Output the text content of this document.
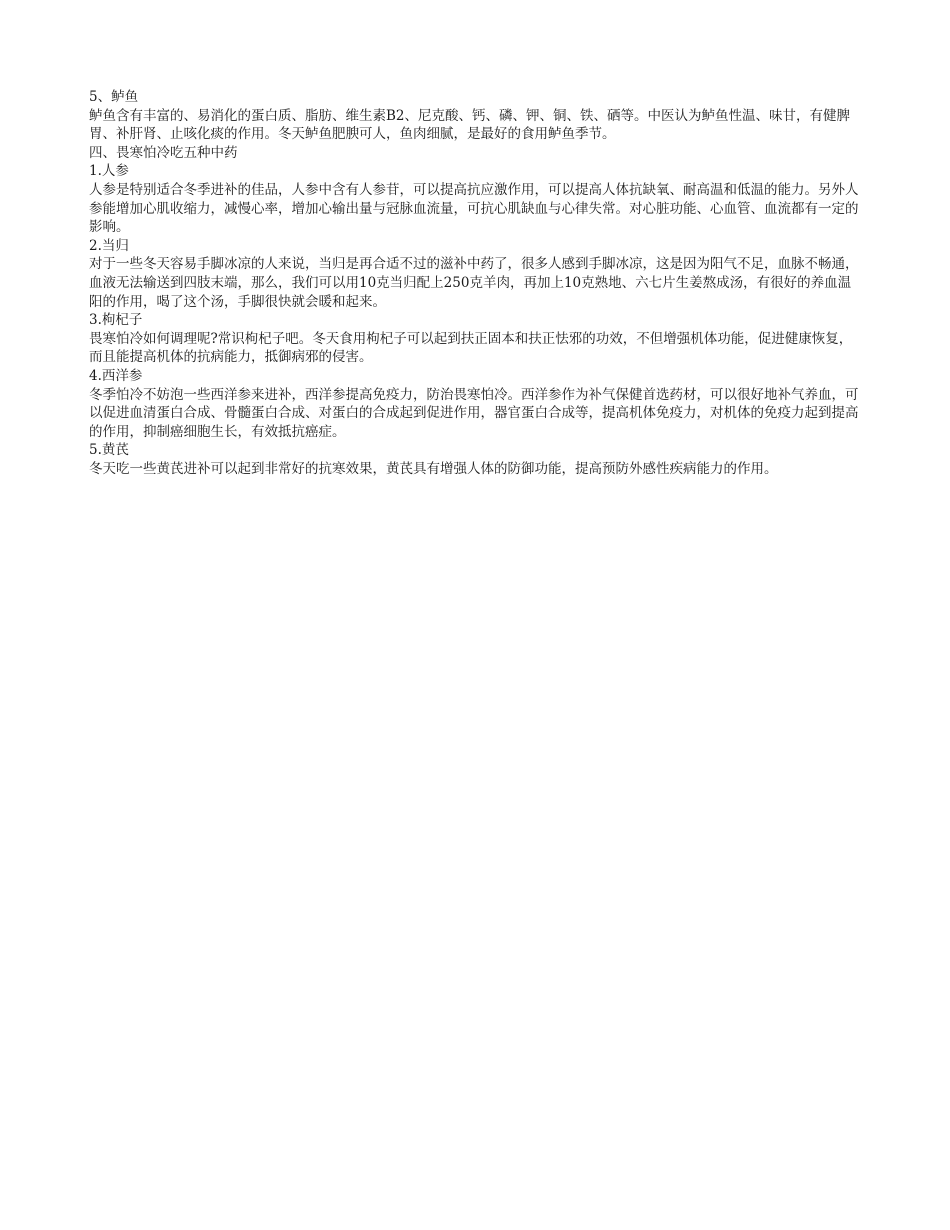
5、鲈鱼

鲈鱼含有丰富的、易消化的蛋白质、脂肪、维生素B2、尼克酸、钙、磷、钾、铜、铁、硒等。中医认为鲈鱼性温、味甘，有健脾胃、补肝肾、止咳化痰的作用。冬天鲈鱼肥腴可人，鱼肉细腻，是最好的食用鲈鱼季节。

四、畏寒怕冷吃五种中药

1.人参

人参是特别适合冬季进补的佳品，人参中含有人参苷，可以提高抗应激作用，可以提高人体抗缺氧、耐高温和低温的能力。另外人参能增加心肌收缩力，减慢心率，增加心输出量与冠脉血流量，可抗心肌缺血与心律失常。对心脏功能、心血管、血流都有一定的影响。

2.当归

对于一些冬天容易手脚冰凉的人来说，当归是再合适不过的滋补中药了，很多人感到手脚冰凉，这是因为阳气不足，血脉不畅通，血液无法输送到四肢末端，那么，我们可以用10克当归配上250克羊肉，再加上10克熟地、六七片生姜熬成汤，有很好的养血温阳的作用，喝了这个汤，手脚很快就会暖和起来。

3.枸杞子

畏寒怕冷如何调理呢?常识枸杞子吧。冬天食用枸杞子可以起到扶正固本和扶正怯邪的功效，不但增强机体功能，促进健康恢复，而且能提高机体的抗病能力，抵御病邪的侵害。

4.西洋参

冬季怕冷不妨泡一些西洋参来进补，西洋参提高免疫力，防治畏寒怕冷。西洋参作为补气保健首选药材，可以很好地补气养血，可以促进血清蛋白合成、骨髓蛋白合成、对蛋白的合成起到促进作用，器官蛋白合成等，提高机体免疫力，对机体的免疫力起到提高的作用，抑制癌细胞生长，有效抵抗癌症。

5.黄芪

冬天吃一些黄芪进补可以起到非常好的抗寒效果，黄芪具有增强人体的防御功能，提高预防外感性疾病能力的作用。
